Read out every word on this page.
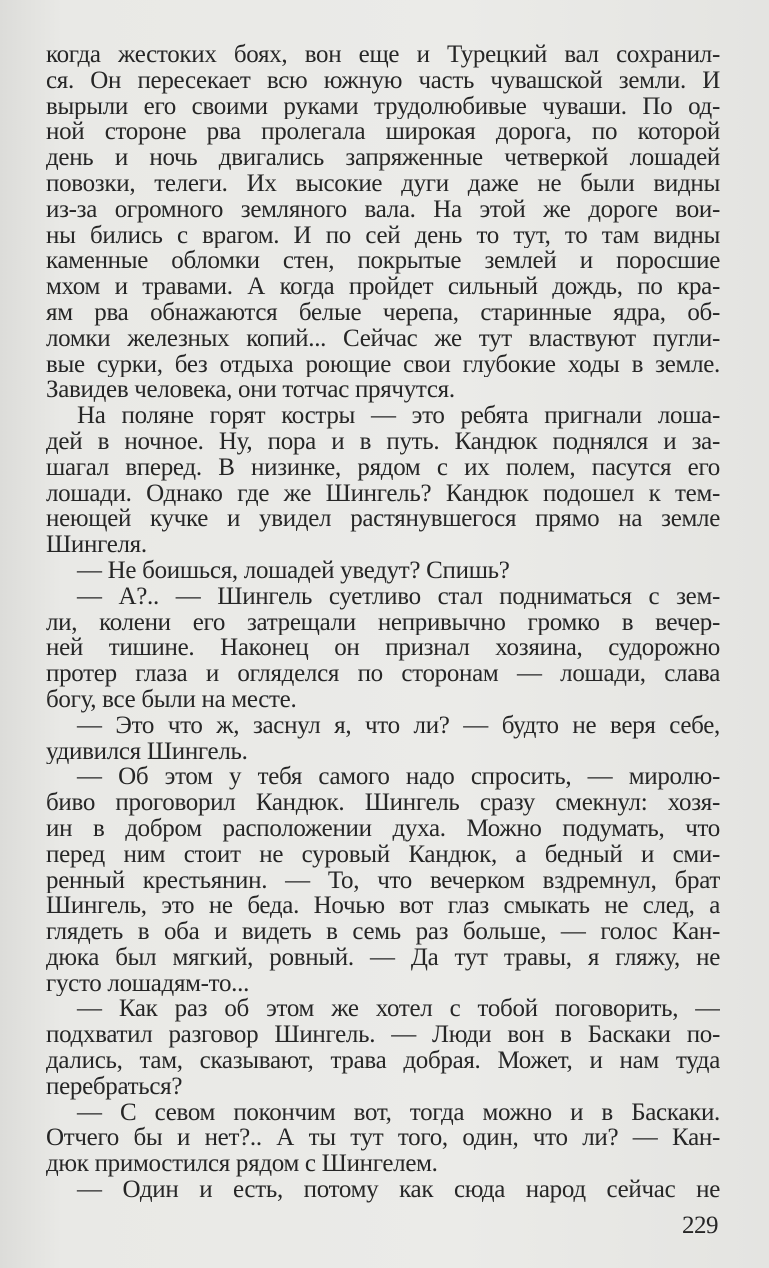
когда жестоких боях, вон еще и Турецкий вал сохранил-
ся. Он пересекает всю южную часть чувашской земли. И
вырыли его своими руками трудолюбивые чуваши. По од-
ной стороне рва пролегала широкая дорога, по которой
день и ночь двигались запряженные четверкой лошадей
повозки, телеги. Их высокие дуги даже не были видны
из-за огромного земляного вала. На этой же дороге вои-
ны бились с врагом. И по сей день то тут, то там видны
каменные обломки стен, покрытые землей и поросшие
мхом и травами. А когда пройдет сильный дождь, по кра-
ям рва обнажаются белые черепа, старинные ядра, об-
ломки железных копий... Сейчас же тут властвуют пугли-
вые сурки, без отдыха роющие свои глубокие ходы в земле.
Завидев человека, они тотчас прячутся.
На поляне горят костры — это ребята пригнали лоша-
дей в ночное. Ну, пора и в путь. Кандюк поднялся и за-
шагал вперед. В низинке, рядом с их полем, пасутся его
лошади. Однако где же Шингель? Кандюк подошел к тем-
неющей кучке и увидел растянувшегося прямо на земле
Шингеля.
— Не боишься, лошадей уведут? Спишь?
— А?.. — Шингель суетливо стал подниматься с зем-
ли, колени его затрещали непривычно громко в вечер-
ней тишине. Наконец он признал хозяина, судорожно
протер глаза и огляделся по сторонам — лошади, слава
богу, все были на месте.
— Это что ж, заснул я, что ли? — будто не веря себе,
удивился Шингель.
— Об этом у тебя самого надо спросить, — миролю-
биво проговорил Кандюк. Шингель сразу смекнул: хозя-
ин в добром расположении духа. Можно подумать, что
перед ним стоит не суровый Кандюк, а бедный и сми-
ренный крестьянин. — То, что вечерком вздремнул, брат
Шингель, это не беда. Ночью вот глаз смыкать не след, а
глядеть в оба и видеть в семь раз больше, — голос Кан-
дюка был мягкий, ровный. — Да тут травы, я гляжу, не
густо лошадям-то...
— Как раз об этом же хотел с тобой поговорить, —
подхватил разговор Шингель. — Люди вон в Баскаки по-
дались, там, сказывают, трава добрая. Может, и нам туда
перебраться?
— С севом покончим вот, тогда можно и в Баскаки.
Отчего бы и нет?.. А ты тут того, один, что ли? — Кан-
дюк примостился рядом с Шингелем.
— Один и есть, потому как сюда народ сейчас не
229
